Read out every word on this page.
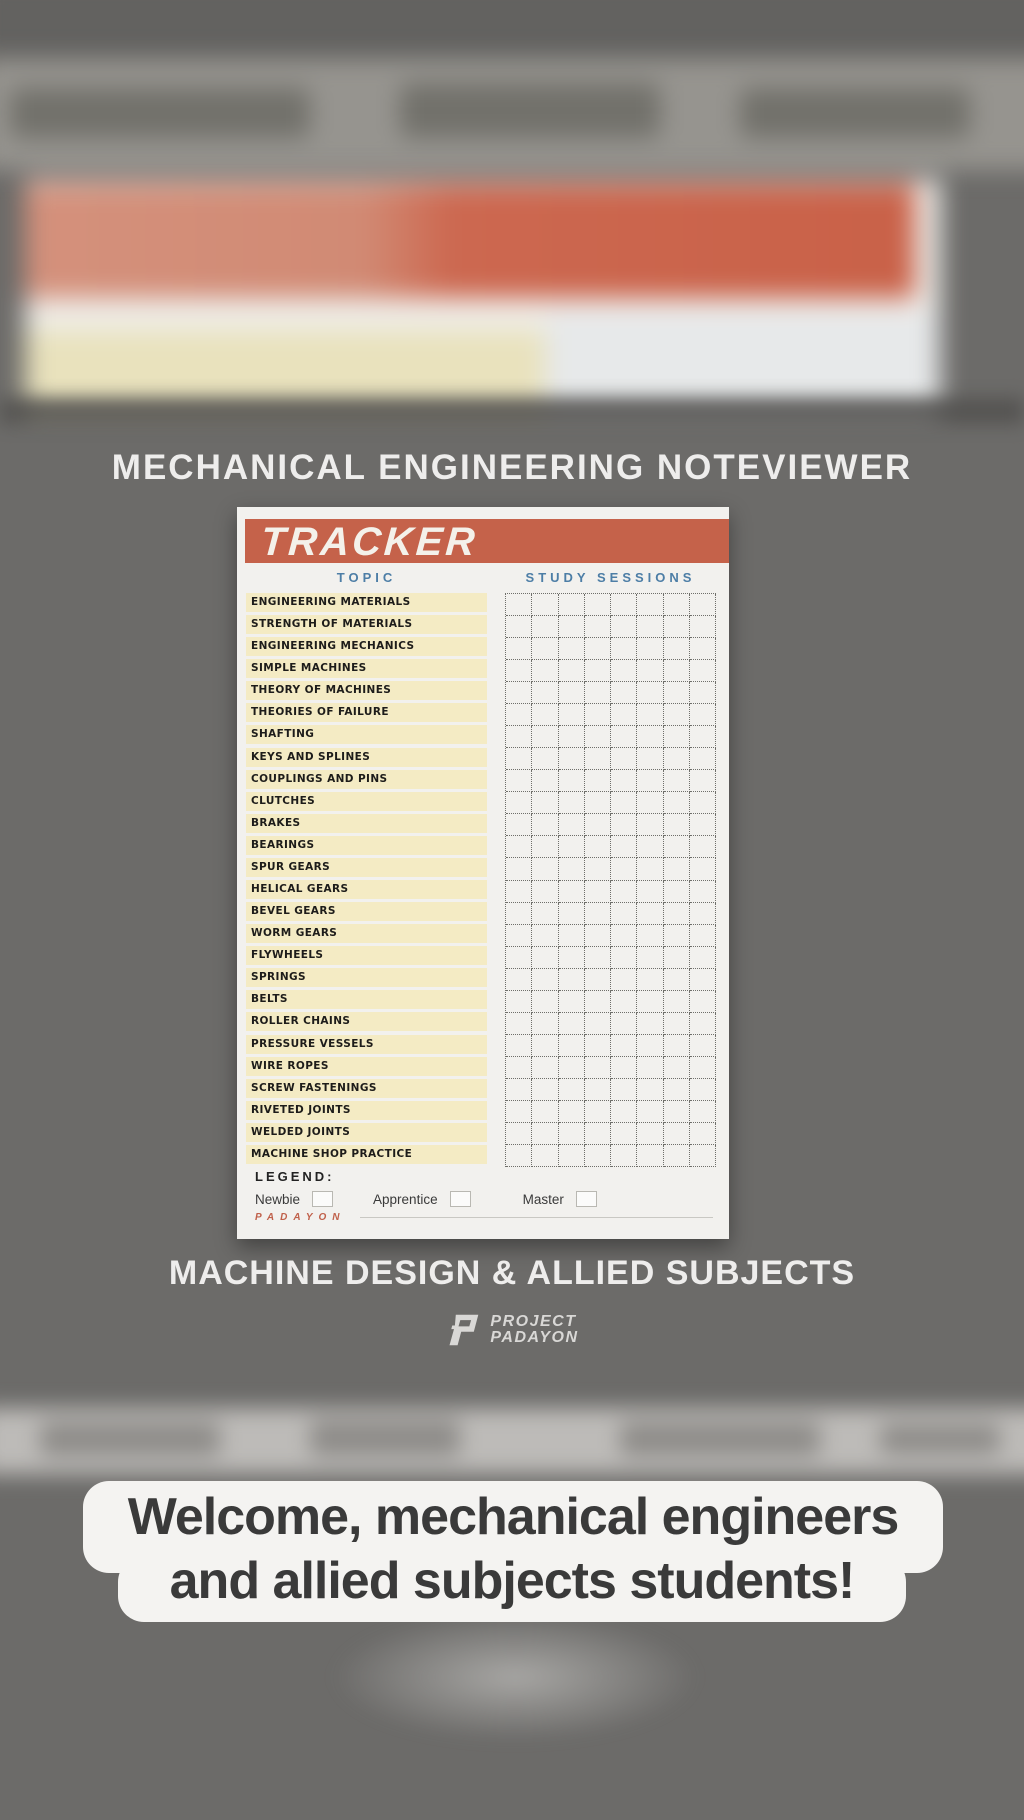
MECHANICAL ENGINEERING NOTEVIEWER
TRACKER
TOPIC	STUDY SESSIONS
ENGINEERING MATERIALS
STRENGTH OF MATERIALS
ENGINEERING MECHANICS
SIMPLE MACHINES
THEORY OF MACHINES
THEORIES OF FAILURE
SHAFTING
KEYS AND SPLINES
COUPLINGS AND PINS
CLUTCHES
BRAKES
BEARINGS
SPUR GEARS
HELICAL GEARS
BEVEL GEARS
WORM GEARS
FLYWHEELS
SPRINGS
BELTS
ROLLER CHAINS
PRESSURE VESSELS
WIRE ROPES
SCREW FASTENINGS
RIVETED JOINTS
WELDED JOINTS
MACHINE SHOP PRACTICE
LEGEND:
Newbie	Apprentice	Master
PADAYON
MACHINE DESIGN & ALLIED SUBJECTS
PROJECT
PADAYON
Welcome, mechanical engineers
and allied subjects students!
